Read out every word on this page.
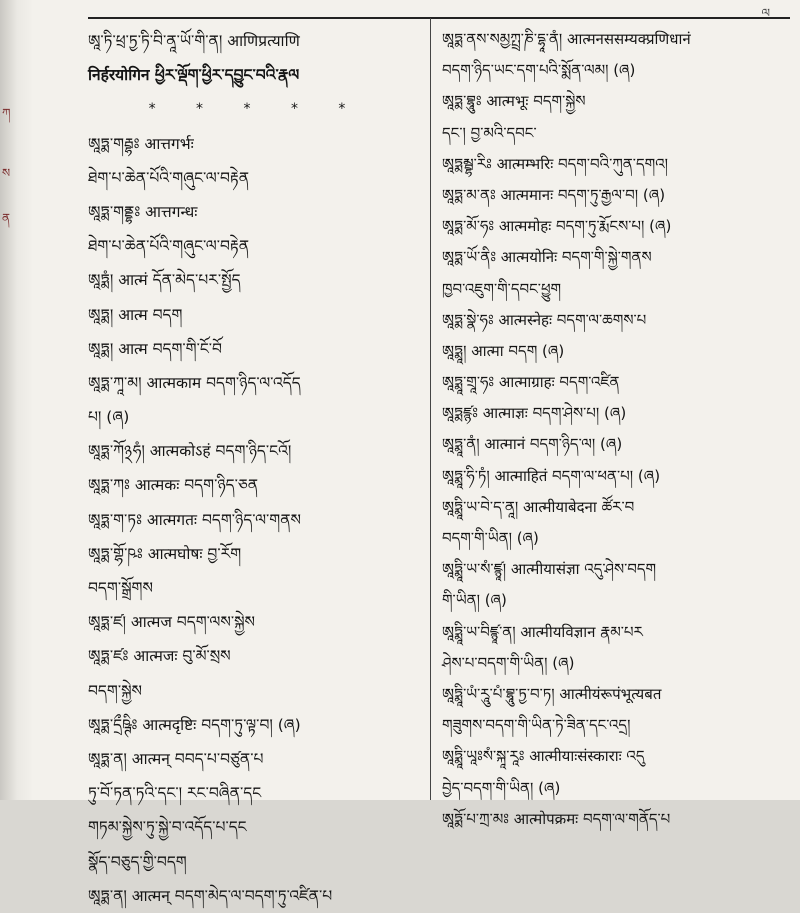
ཀ
ས
ན
ལ
ཨཱ་ཏི་ཕྲ་ཏྱ་ཏི་བི་ནཱ་ཡོ་གི་ན། आणिप्रत्याणि
निर्हरयोगिन ཕྱིར་ལྡོག་ཕྱིར་དབྱུང་བའི་རྣལ
* * * * *
ཨཱཏྨ་གརྦྷཿ आत्तगर्भः
ཐེག་པ་ཆེན་པོའི་གཞུང་ལ་བརྟེན
ཨཱཏྨ་གནྡྷཿ आत्तगन्धः
ཐེག་པ་ཆེན་པོའི་གཞུང་ལ་བརྟེན
ཨཱཏྨཾ། आत्मं དོན་མེད་པར་སྤྱོད
ཨཱཏྨ། आत्म བདག
ཨཱཏྨ། आत्म བདག་གི་ངོ་བོ
ཨཱཏྨ་ཀཱ་མ། आत्मकाम བདག་ཉིད་ལ་འདོད
པ། (ཞ)
ཨཱཏྨ་ཀོ྅ཧཾ། आत्मकोऽहं བདག་ཉིད་ངའོ།
ཨཱཏྨ་ཀཿ आत्मकः བདག་ཉིད་ཅན
ཨཱཏྨ་ག་ཏཿ आत्मगतः བདག་ཉིད་ལ་གནས
ཨཱཏྨ་གྷོ་ཥཿ आत्मघोषः བྱ་རོག
བདག་སྒྲོགས
ཨཱཏྨ་ཛ། आत्मज བདག་ལས་སྐྱེས
ཨཱཏྨ་ཛཿ आत्मजः བུ་མོ་སྲས
བདག་སྐྱེས
ཨཱཏྨ་དྲྀཥྚིཿ आत्मदृष्टिः བདག་ཏུ་ལྟ་བ། (ཞ)
ཨཱཏྨ་ན། आत्मन् བབད་པ་བཙུན་པ
ཏུ་བོ་ཏན་ཏའི་དང་། རང་བཞིན་དང
གཏམ་སྐྱེས་ཏུ་སྐྱེ་བ་འདོད་པ་དང
སྣོད་བཅུད་གྱི་བདག
ཨཱཏྨ་ན། आत्मन् བདག་མེད་ལ་བདག་ཏུ་འཛིན་པ
ཨཱཏྨ་ནས་སམྱཀྤྲ་ཎི་དྷཱ་ནཾ། आत्मनससम्यक्प्रणिधानं
བདག་ཉིད་ཡང་དག་པའི་སྨོན་ལམ། (ཞ)
ཨཱཏྨ་བྷཱུཿ आत्मभूः བདག་སྐྱེས
དང་། བྱ་མའི་དབང་
ཨཱཏྨམྦྷ་རིཿ आत्मम्भरिः བདག་བའི་ཀུན་དགའ།
ཨཱཏྨ་མ་ནཿ आत्ममानः བདག་ཏུ་རྒྱལ་བ། (ཞ)
ཨཱཏྨ་མོ་ཧཿ आत्ममोहः བདག་ཏུ་རྨོངས་པ། (ཞ)
ཨཱཏྨ་ཡོ་ནིཿ आत्मयोनिः བདག་གི་སྐྱེ་གནས
ཁྱབ་འཇུག་གི་དབང་ཕྱུག
ཨཱཏྨ་སྣེ་ཧཿ आत्मस्नेहः བདག་ལ་ཆགས་པ
ཨཱཏྨཱ། आत्मा བདག (ཞ)
ཨཱཏྨཱ་གྲཱ་ཧཿ आत्माग्राहः བདག་འཛིན
ཨཱཏྨཛྙཿ आत्माज्ञः བདག་ཤེས་པ། (ཞ)
ཨཱཏྨཱ་ནཾ། आत्मानं བདག་ཉིད་ལ། (ཞ)
ཨཱཏྨཱ་ཧི་ཏཾ། आत्माहितं བདག་ལ་ཕན་པ། (ཞ)
ཨཱཏྨཱི་ཡ་བེ་ད་ནཱ། आत्मीयाबेदना ཚོར་བ
བདག་གི་ཡིན། (ཞ)
ཨཱཏྨཱི་ཡ་སཾ་ཛྙཱ། आत्मीयासंज्ञा འདུ་ཤེས་བདག
གི་ཡིན། (ཞ)
ཨཱཏྨཱི་ཡ་བིཛྙཱ་ན། आत्मीयविज्ञान རྣམ་པར
ཤེས་པ་བདག་གི་ཡིན། (ཞ)
ཨཱཏྨཱི་ཡཾ་རཱུ་པཾ་བྷཱུ་ཏྱ་བ་ཏ། आत्मीयंरूपंभूत्यबत
གཟུགས་བདག་གི་ཡིན་ཏེ་ཟིན་དང་འདྲ།
ཨཱཏྨཱི་ཡཱཿསཾ་སྐཱ་རཱཿ आत्मीयाःसंस्काराः འདུ
བྱེད་བདག་གི་ཡིན། (ཞ)
ཨཱཏྨོ་པ་ཀྲ་མཿ आत्मोपक्रमः བདག་ལ་གནོད་པ
